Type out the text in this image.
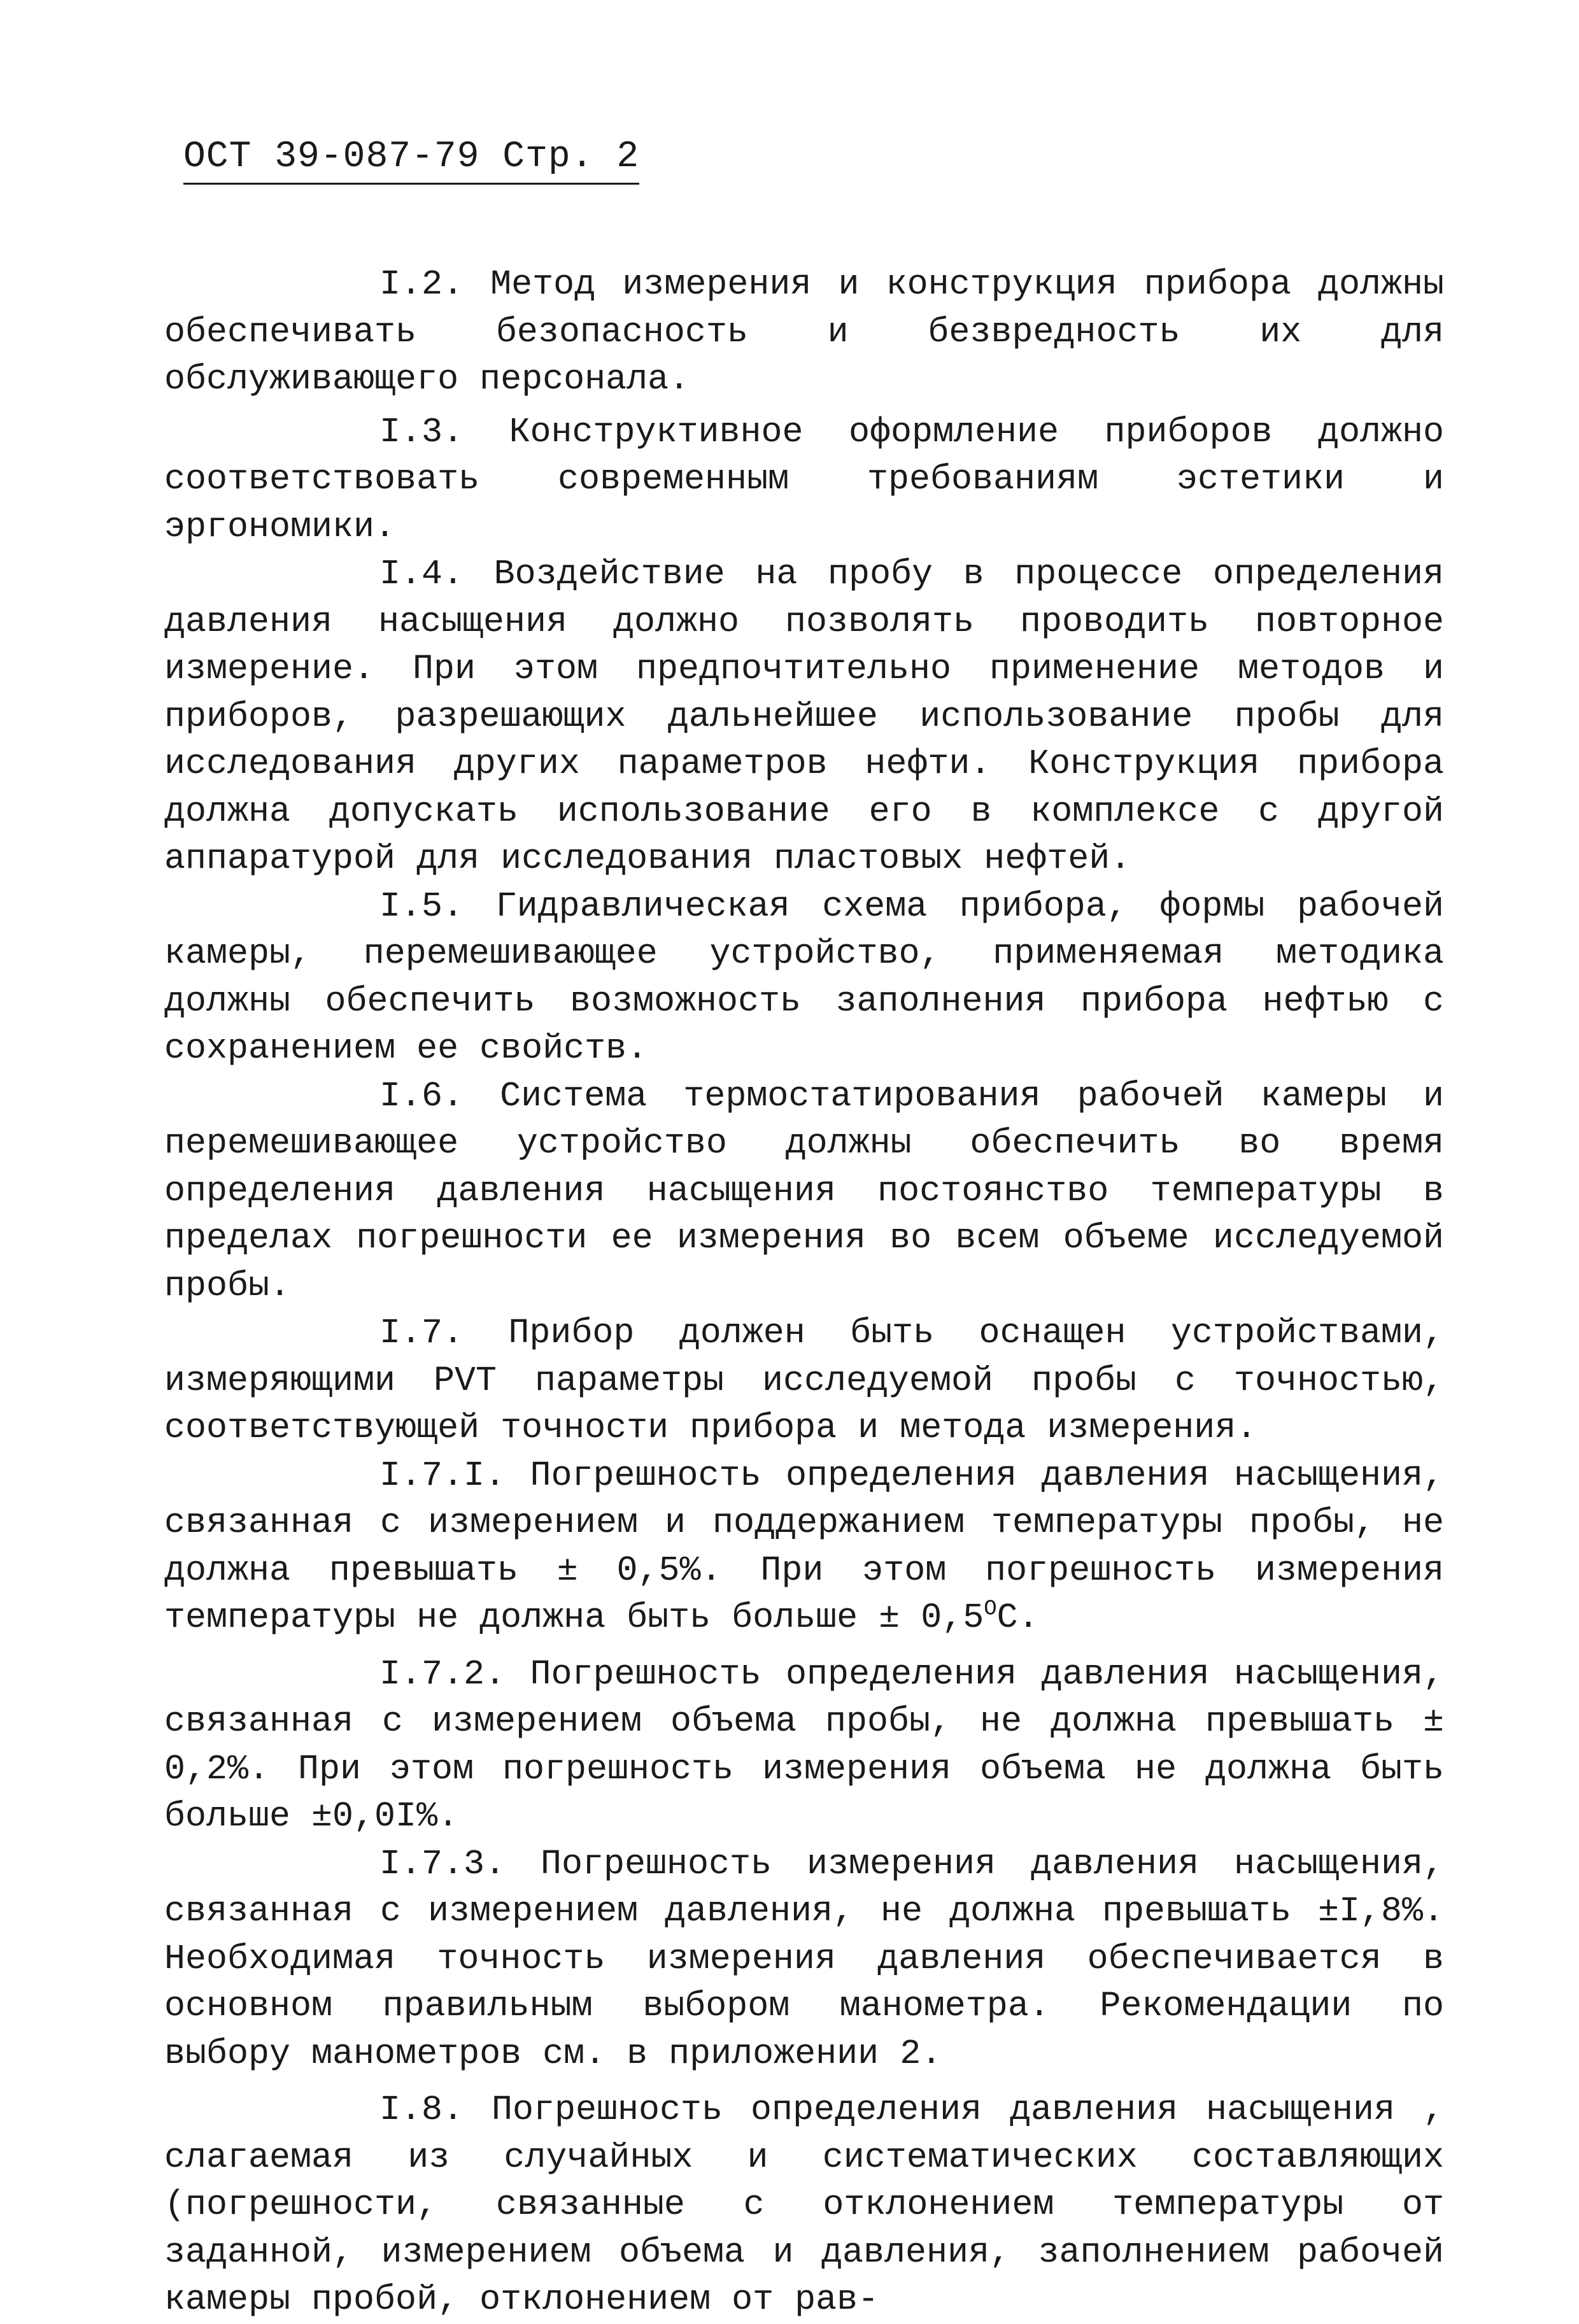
ОСТ 39-087-79 Стр. 2

I.2. Метод измерения и конструкция прибора должны обеспечивать безопасность и безвредность их для обслуживающего персонала.

I.3. Конструктивное оформление приборов должно соответствовать современным требованиям эстетики и эргономики.

I.4. Воздействие на пробу в процессе определения давления насыщения должно позволять проводить повторное измерение. При этом предпочтительно применение методов и приборов, разрешающих дальнейшее использование пробы для исследования других параметров нефти. Конструкция прибора должна допускать использование его в комплексе с другой аппаратурой для исследования пластовых нефтей.

I.5. Гидравлическая схема прибора, формы рабочей камеры, перемешивающее устройство, применяемая методика должны обеспечить возможность заполнения прибора нефтью с сохранением ее свойств.

I.6. Система термостатирования рабочей камеры и перемешивающее устройство должны обеспечить во время определения давления насыщения постоянство температуры в пределах погрешности ее измерения во всем объеме исследуемой пробы.

I.7. Прибор должен быть оснащен устройствами, измеряющими PVT параметры исследуемой пробы с точностью, соответствующей точности прибора и метода измерения.

I.7.I. Погрешность определения давления насыщения, связанная с измерением и поддержанием температуры пробы, не должна превышать ± 0,5%. При этом погрешность измерения температуры не должна быть больше ± $0,5^OС$.

I.7.2. Погрешность определения давления насыщения, связанная с измерением объема пробы, не должна превышать ± 0,2%. При этом погрешность измерения объема не должна быть больше ±0,0I%.

I.7.3. Погрешность измерения давления насыщения, связанная с измерением давления, не должна превышать ±I,8%. Необходимая точность измерения давления обеспечивается в основном правильным выбором манометра. Рекомендации по выбору манометров см. в приложении 2.

I.8. Погрешность определения давления насыщения , слагаемая из случайных и систематических составляющих (погрешности, связанные с отклонением температуры от заданной, измерением объема и давления, заполнением рабочей камеры пробой, отклонением от рав-
